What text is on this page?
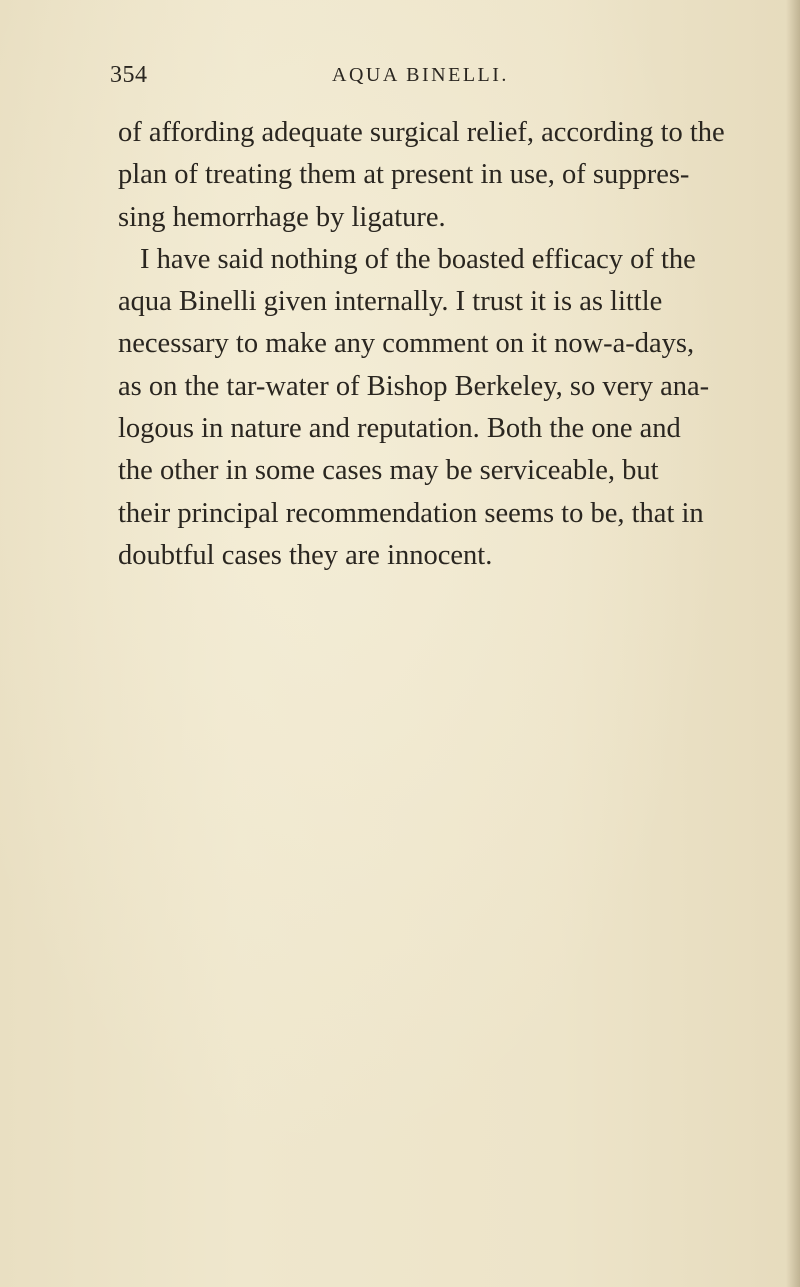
354	AQUA BINELLI.
of affording adequate surgical relief, according to the
plan of treating them at present in use, of suppres-
sing hemorrhage by ligature.
I have said nothing of the boasted efficacy of the
aqua Binelli given internally. I trust it is as little
necessary to make any comment on it now-a-days,
as on the tar-water of Bishop Berkeley, so very ana-
logous in nature and reputation. Both the one and
the other in some cases may be serviceable, but
their principal recommendation seems to be, that in
doubtful cases they are innocent.
